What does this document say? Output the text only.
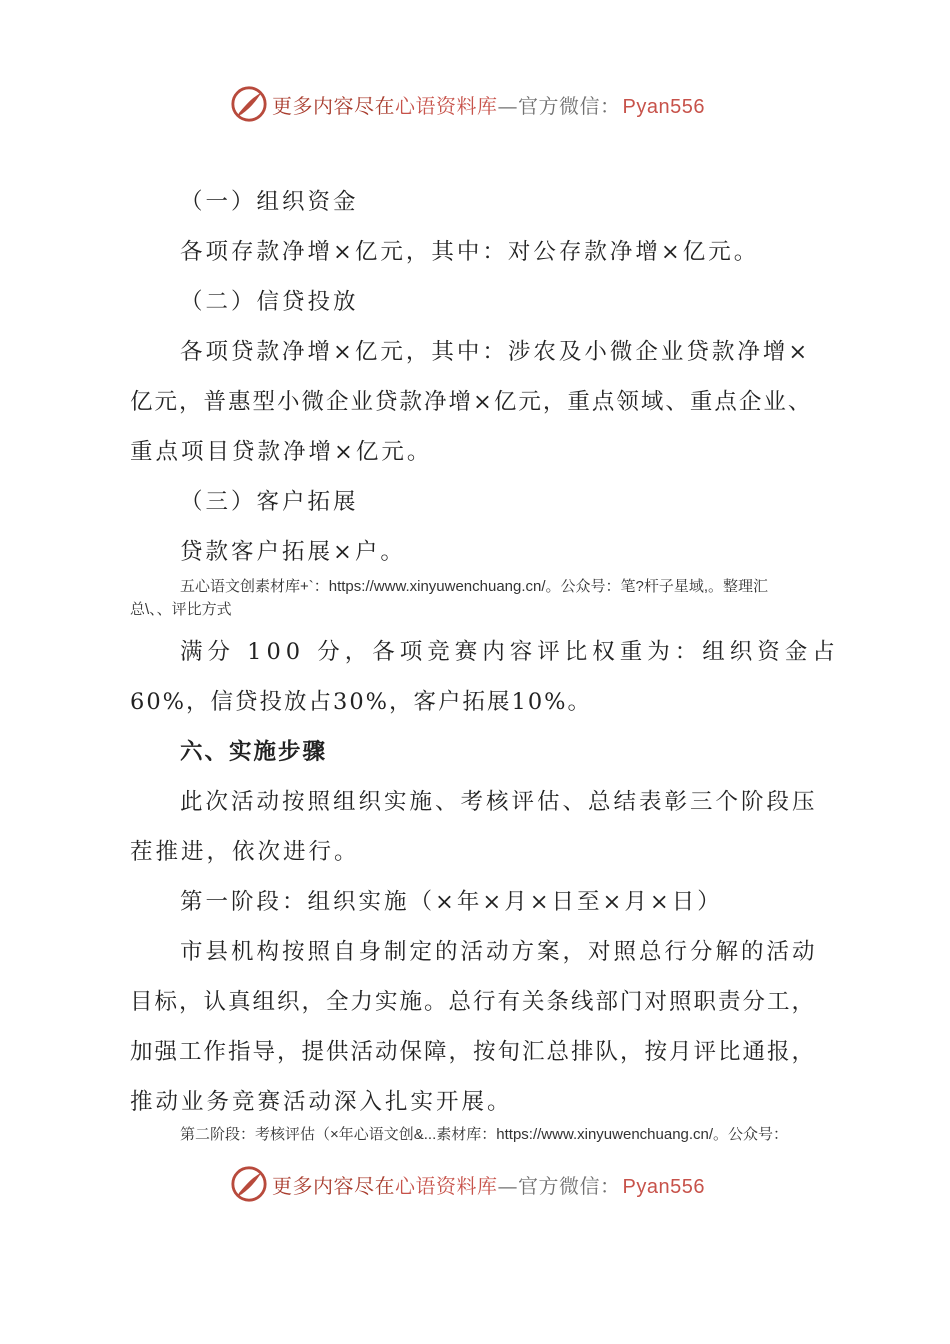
更多内容尽在心语资料库—官方微信： Pyan556
（一）组织资金
各项存款净增×亿元，其中：对公存款净增×亿元。
（二）信贷投放
各项贷款净增×亿元，其中：涉农及小微企业贷款净增×
亿元，普惠型小微企业贷款净增×亿元，重点领域、重点企业、
重点项目贷款净增×亿元。
（三）客户拓展
贷款客户拓展×户。
五心语文创素材库+`：https://www.xinyuwenchuang.cn/。公众号：笔?杆子星域,。整理汇
总\、、评比方式
满分 100 分，各项竞赛内容评比权重为：组织资金占
60%，信贷投放占30%，客户拓展10%。
六、实施步骤
此次活动按照组织实施、考核评估、总结表彰三个阶段压
茬推进，依次进行。
第一阶段：组织实施（×年×月×日至×月×日）
市县机构按照自身制定的活动方案，对照总行分解的活动
目标，认真组织，全力实施。总行有关条线部门对照职责分工，
加强工作指导，提供活动保障，按旬汇总排队，按月评比通报，
推动业务竞赛活动深入扎实开展。
第二阶段：考核评估（×年心语文创&...素材库：https://www.xinyuwenchuang.cn/。公众号：
更多内容尽在心语资料库—官方微信： Pyan556
